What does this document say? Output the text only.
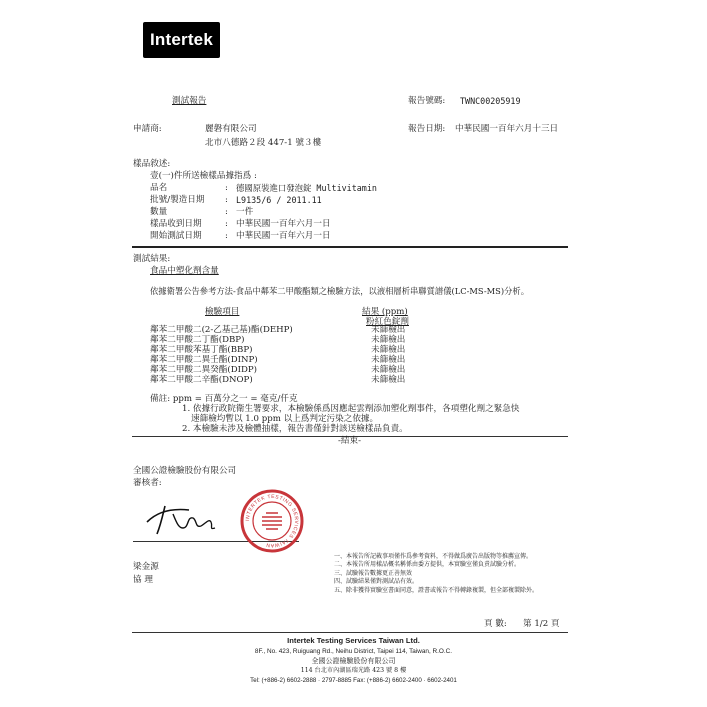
Intertek
測試報告	報告號碼: TWNC00205919
申請商:	麗磐有限公司
北市八德路２段 447-1 號３樓
報告日期: 中華民國一百年六月十三日
樣品敘述:
壹(一)件所送檢樣品據指爲 :
品名	: 德國原裝進口發泡錠 Multivitamin
批號/製造日期 : L9135/6 / 2011.11
數量	: 一件
樣品收到日期	: 中華民國一百年六月一日
開始測試日期	: 中華民國一百年六月一日
測試結果:
食品中塑化劑含量
依據衛署公告參考方法-食品中鄰苯二甲酸酯類之檢驗方法，以液相層析串聯質譜儀(LC-MS-MS)分析。
檢驗項目	結果 (ppm)
粉紅色錠劑
鄰苯二甲酸二(2-乙基己基)酯(DEHP)	未篩檢出
鄰苯二甲酸二丁酯(DBP)	未篩檢出
鄰苯二甲酸苯基丁酯(BBP)	未篩檢出
鄰苯二甲酸二異壬酯(DINP)	未篩檢出
鄰苯二甲酸二異癸酯(DIDP)	未篩檢出
鄰苯二甲酸二辛酯(DNOP)	未篩檢出
備註: ppm = 百萬分之一 = 毫克/仟克
1. 依據行政院衛生署要求，本檢驗係爲因應起雲劑添加塑化劑事件，各項塑化劑之緊急快
速篩檢均暫以 1.0 ppm 以上爲判定污染之依據。
2. 本檢驗未涉及檢體抽樣，報告書僅針對該送檢樣品負責。
-結束-
全國公證檢驗股份有限公司
審核者:
INTERTEK TESTING SERVICES TAIWAN
梁金源
協 理
一、本報告所記載事項僅作爲參考資料，不得做爲廣告出版物等推薦宣傳。
二、本報告所用樣品概名稱係由委方提供，本實驗室僅負責試驗分析。
三、試驗報告數據更正善無效
四、試驗結果僅對測試品有效。
五、除非獲得實驗室書面同意，證書或報告不得轉錄複製，但全部複製除外。
頁 數: 第 1/2 頁
Intertek Testing Services Taiwan Ltd.
8F., No. 423, Ruiguang Rd., Neihu District, Taipei 114, Taiwan, R.O.C.
全國公證檢驗股份有限公司
114 台北市內湖區瑞光路 423 號 8 樓
Tel: (+886-2) 6602-2888 · 2797-8885 Fax: (+886-2) 6602-2400 · 6602-2401
